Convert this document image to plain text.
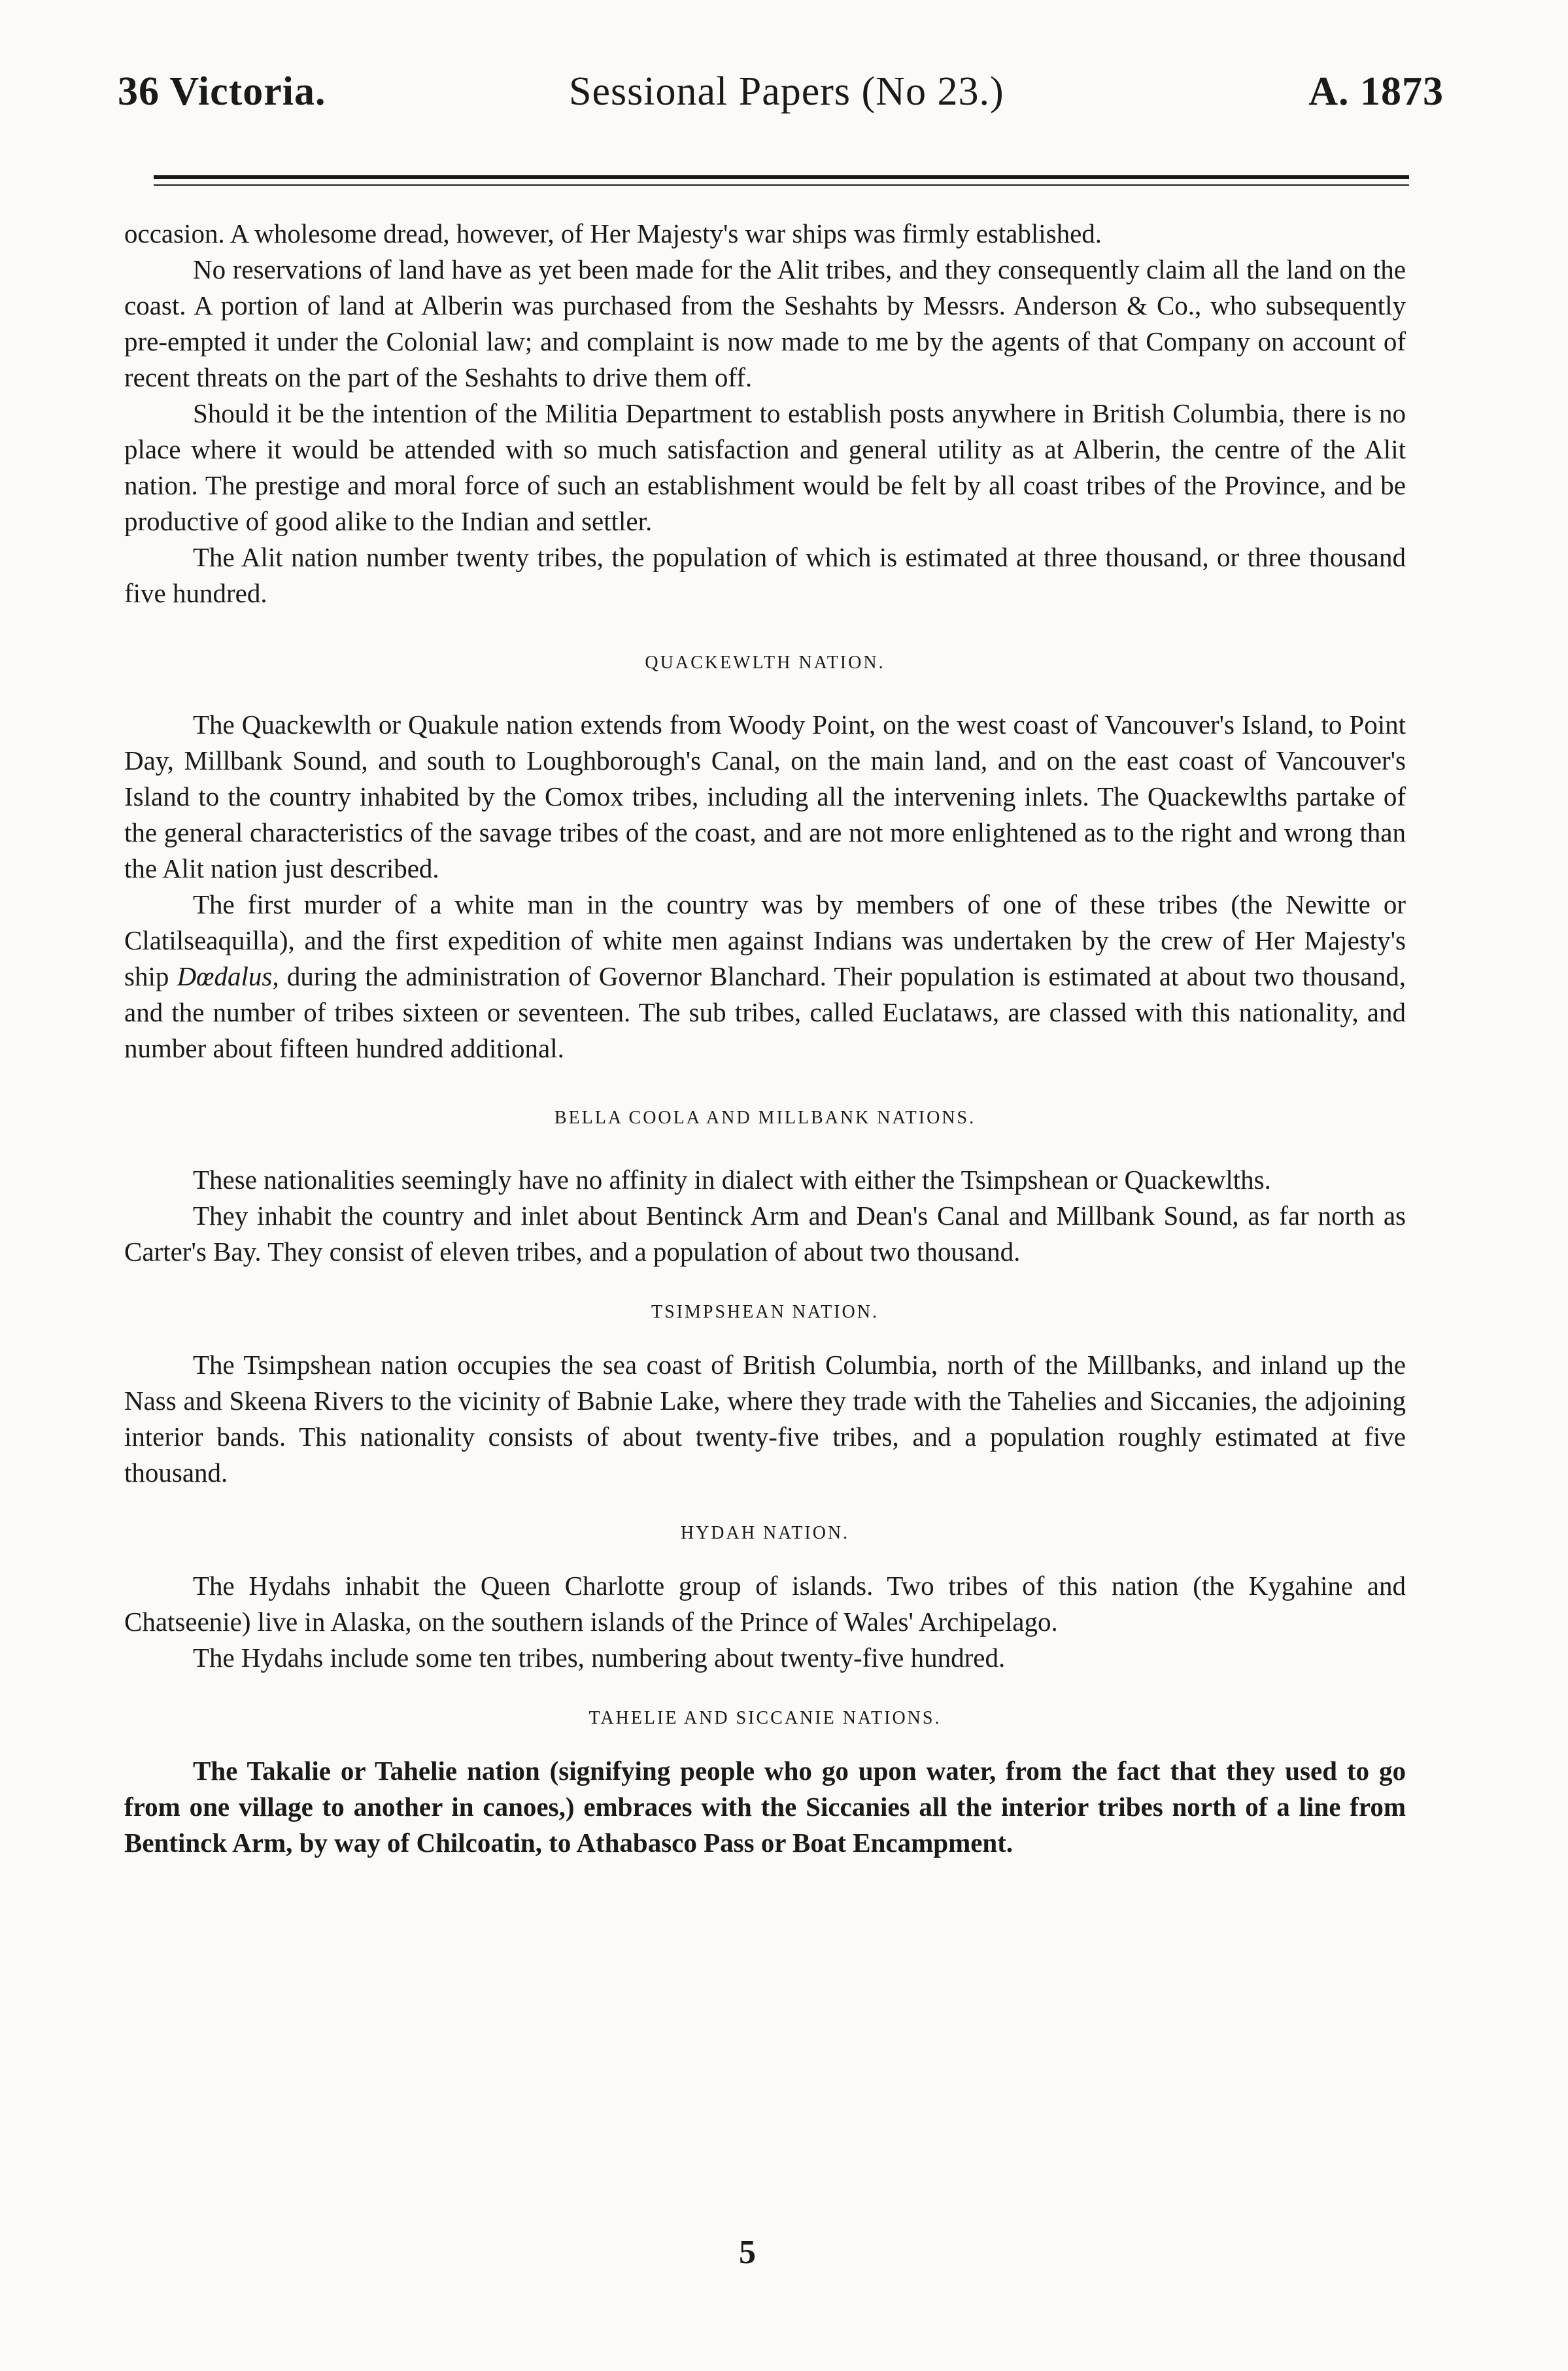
36 Victoria.	Sessional Papers (No 23.)	A. 1873

occasion. A wholesome dread, however, of Her Majesty's war ships was firmly established.

No reservations of land have as yet been made for the Alit tribes, and they consequently claim all the land on the coast. A portion of land at Alberin was purchased from the Seshahts by Messrs. Anderson & Co., who subsequently pre-empted it under the Colonial law; and complaint is now made to me by the agents of that Company on account of recent threats on the part of the Seshahts to drive them off.

Should it be the intention of the Militia Department to establish posts anywhere in British Columbia, there is no place where it would be attended with so much satisfaction and general utility as at Alberin, the centre of the Alit nation. The prestige and moral force of such an establishment would be felt by all coast tribes of the Province, and be productive of good alike to the Indian and settler.

The Alit nation number twenty tribes, the population of which is estimated at three thousand, or three thousand five hundred.

QUACKEWLTH NATION.

The Quackewlth or Quakule nation extends from Woody Point, on the west coast of Vancouver's Island, to Point Day, Millbank Sound, and south to Loughborough's Canal, on the main land, and on the east coast of Vancouver's Island to the country inhabited by the Comox tribes, including all the intervening inlets. The Quackewlths partake of the general characteristics of the savage tribes of the coast, and are not more enlightened as to the right and wrong than the Alit nation just described.

The first murder of a white man in the country was by members of one of these tribes (the Newitte or Clatilseaquilla), and the first expedition of white men against Indians was undertaken by the crew of Her Majesty's ship Dœdalus, during the administration of Governor Blanchard. Their population is estimated at about two thousand, and the number of tribes sixteen or seventeen. The sub tribes, called Euclataws, are classed with this nationality, and number about fifteen hundred additional.

BELLA COOLA AND MILLBANK NATIONS.

These nationalities seemingly have no affinity in dialect with either the Tsimpshean or Quackewlths.

They inhabit the country and inlet about Bentinck Arm and Dean's Canal and Millbank Sound, as far north as Carter's Bay. They consist of eleven tribes, and a population of about two thousand.

TSIMPSHEAN NATION.

The Tsimpshean nation occupies the sea coast of British Columbia, north of the Millbanks, and inland up the Nass and Skeena Rivers to the vicinity of Babnie Lake, where they trade with the Tahelies and Siccanies, the adjoining interior bands. This nationality consists of about twenty-five tribes, and a population roughly estimated at five thousand.

HYDAH NATION.

The Hydahs inhabit the Queen Charlotte group of islands. Two tribes of this nation (the Kygahine and Chatseenie) live in Alaska, on the southern islands of the Prince of Wales' Archipelago.

The Hydahs include some ten tribes, numbering about twenty-five hundred.

TAHELIE AND SICCANIE NATIONS.

The Takalie or Tahelie nation (signifying people who go upon water, from the fact that they used to go from one village to another in canoes,) embraces with the Siccanies all the interior tribes north of a line from Bentinck Arm, by way of Chilcoatin, to Athabasco Pass or Boat Encampment.

5
